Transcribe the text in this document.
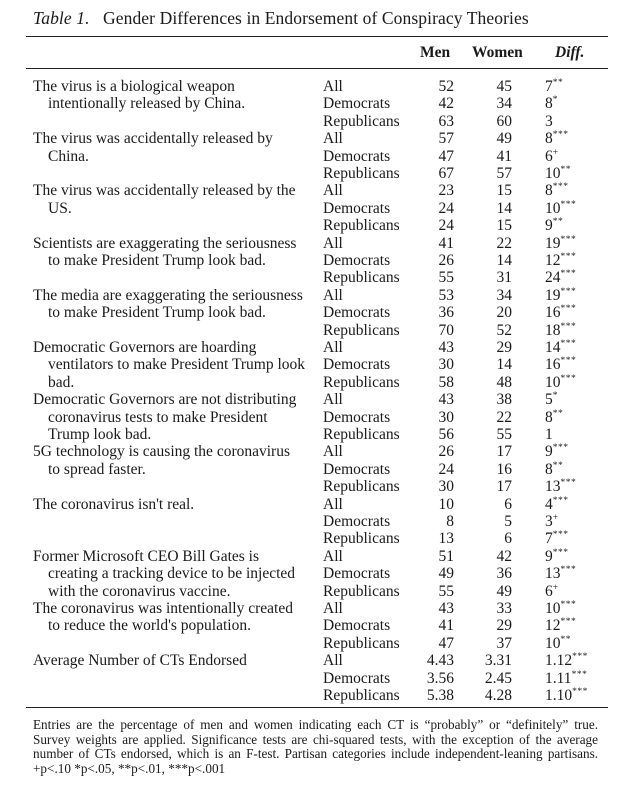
Table 1. Gender Differences in Endorsement of Conspiracy Theories
Men Women Diff.
The virus is a biological weapon
intentionally released by China.
All	52	45 7**
Democrats	42	34 8*
Republicans	63	60 3
The virus was accidentally released by
China.
All	57	49 8***
Democrats	47	41 6+
Republicans	67	57 10**
The virus was accidentally released by the
US.
All	23	15 8***
Democrats	24	14 10***
Republicans	24	15 9**
Scientists are exaggerating the seriousness
to make President Trump look bad.
All	41	22 19***
Democrats	26	14 12***
Republicans	55	31 24***
The media are exaggerating the seriousness
to make President Trump look bad.
All	53	34 19***
Democrats	36	20 16***
Republicans	70	52 18***
Democratic Governors are hoarding
ventilators to make President Trump look
bad.
All	43	29 14***
Democrats	30	14 16***
Republicans	58	48 10***
Democratic Governors are not distributing
coronavirus tests to make President
Trump look bad.
All	43	38 5*
Democrats	30	22 8**
Republicans	56	55 1
5G technology is causing the coronavirus
to spread faster.
All	26	17 9***
Democrats	24	16 8**
Republicans	30	17 13***
The coronavirus isn't real.	All	10	6 4***
Democrats	8	5 3+
Republicans	13	6 7***
Former Microsoft CEO Bill Gates is
creating a tracking device to be injected
with the coronavirus vaccine.
All	51	42 9***
Democrats	49	36 13***
Republicans	55	49 6+
The coronavirus was intentionally created
to reduce the world's population.
All	43	33 10***
Democrats	41	29 12***
Republicans	47	37 10**
Average Number of CTs Endorsed	All	4.43	3.31 1.12***
Democrats	3.56	2.45 1.11***
Republicans	5.38	4.28 1.10***
Entries are the percentage of men and women indicating each CT is “probably” or “definitely” true. Survey weights are applied. Significance tests are chi-squared tests, with the exception of the average number of CTs endorsed, which is an F-test. Partisan categories include independent-leaning partisans. +p<.10 *p<.05, **p<.01, ***p<.001
